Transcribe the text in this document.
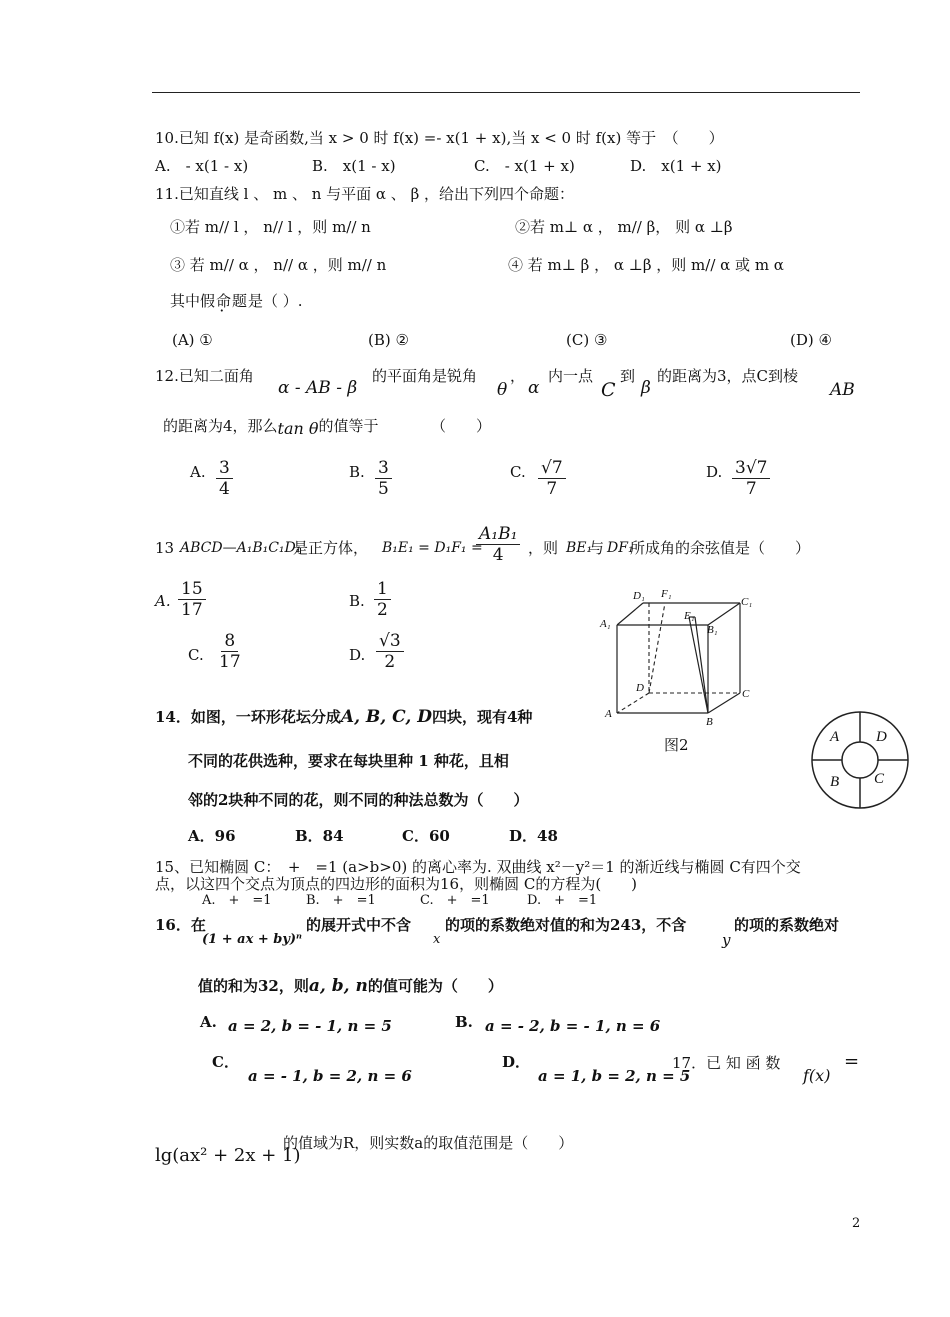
10.已知 f(x) 是奇函数,当 x > 0 时 f(x) =- x(1 + x),当 x < 0 时 f(x) 等于　（　　）
A.　- x(1 - x)	B.　x(1 - x)	C.　- x(1 + x)	D.　x(1 + x)
11.已知直线 l 、 m 、 n 与平面 α 、 β ，给出下列四个命题：
①若 m// l ， n// l ，则 m// n	②若 m⊥ α ， m// β， 则 α ⊥β
③ 若 m// α ， n// α ，则 m// n	④ 若 m⊥ β ， α ⊥β ，则 m// α 或 m α
其中假命题是（ ）.
(A) ①	(B) ②	(C) ③	(D) ④
12.已知二面角
α - AB - β
的平面角是锐角
θ
，
α
内一点
C
到
β
的距离为3，点C到棱
AB
的距离为4，那么tan θ的值等于　　　　（　　）
A. $\frac{3}{4}$	B. $\frac{3}{5}$	C. $\frac{√7}{7}$	D. $\frac{3√7}{7}$
13 ABCD—A₁B₁C₁D₁
是正方体， B₁E₁ = D₁F₁ =
$\frac{\text{A₁B₁}}{4}$ ，则 BE₁
与 DF₁
所成角的余弦值是（　　）
A. $\frac{15}{17}$	B. $\frac{1}{2}$
C. $\frac{8}{17}$	D. $\frac{√3}{2}$
D₁ F₁
C₁
A₁
E₁
B₁
D	C
A
B
图2	A D
B C
14．如图，一环形花坛分成A, B, C, D四块，现有4种
不同的花供选种，要求在每块里种 1 种花，且相
邻的2块种不同的花，则不同的种法总数为（　　）
A．96	B．84	C．60	D．48
15、已知椭圆 C：　+　=1 (a>b>0) 的离心率为. 双曲线 x²－y²＝1 的渐近线与椭圆 C有四个交
点，以这四个交点为顶点的四边形的面积为16，则椭圆 C的方程为(　　)
A.　+　=1	B.　+　=1	C.　+　=1	D.　+　=1
16．在
(1 + ax + by)ⁿ
的展开式中不含
x
的项的系数绝对值的和为243，不含
y
的项的系数绝对
值的和为32，则a, b, n的值可能为（　　）
A. a = 2, b = - 1, n = 5	B. a = - 2, b = - 1, n = 6
C．
a = - 1, b = 2, n = 6
D．
a = 1, b = 2, n = 5
17．已 知 函 数
f(x)
=
lg(ax² + 2x + 1)
的值域为R，则实数a的取值范围是（　　）
2
